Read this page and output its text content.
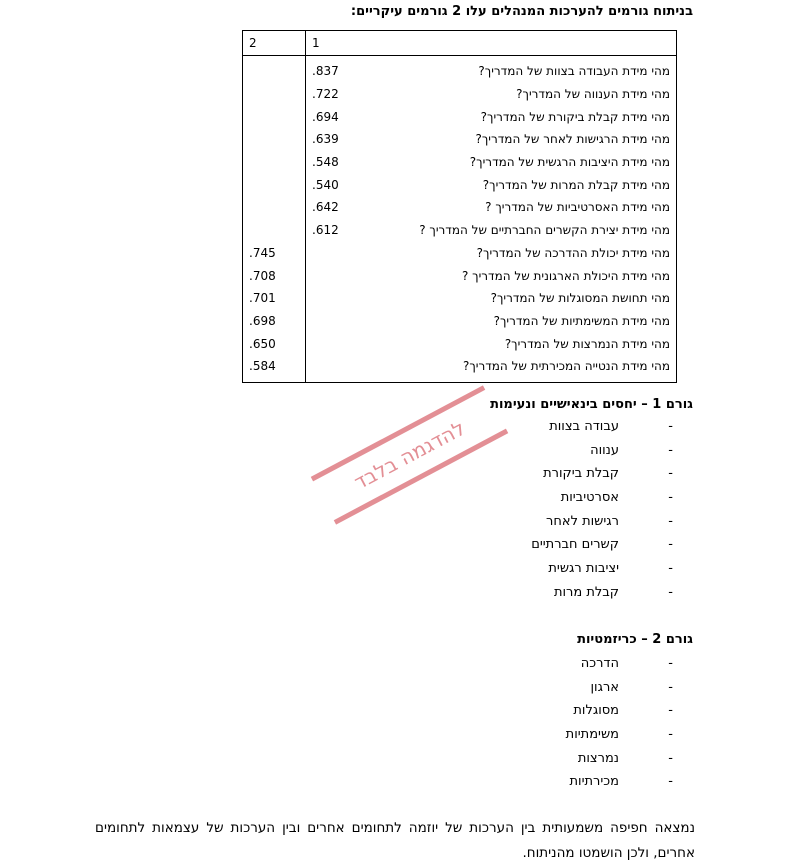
בניתוח גורמים להערכות המנהלים עלו 2 גורמים עיקריים:
2	1	
	.837	מהי מידת העבודה בצוות של המדריך?
	.722	מהי מידת הענווה של המדריך?
	.694	מהי מידת קבלת ביקורת של המדריך?
	.639	מהי מידת הרגישות לאחר של המדריך?
	.548	מהי מידת היציבות הרגשית של המדריך?
	.540	מהי מידת קבלת המרות של המדריך?
	.642	מהי מידת האסרטיביות של המדריך ?
	.612	מהי מידת יצירת הקשרים החברתיים של המדריך ?
.745		מהי מידת יכולת ההדרכה של המדריך?
.708		מהי מידת היכולת הארגונית של המדריך ?
.701		מהי תחושת המסוגלות של המדריך?
.698		מהי מידת המשימתיות של המדריך?
.650		מהי מידת הנמרצות של המדריך?
.584		מהי מידת הנטייה המכירתית של המדריך?
גורם 1 – יחסים בינאישיים ונעימות
-עבודה בצוות
-ענווה
-קבלת ביקורת
-אסרטיביות
-רגישות לאחר
-קשרים חברתיים
-יציבות רגשית
-קבלת מרות
גורם 2 – כריזמטיות
-הדרכה
-ארגון
-מסוגלות
-משימתיות
-נמרצות
-מכירתיות
נמצאה חפיפה משמעותית בין הערכות של יוזמה לתחומים אחרים ובין הערכות של עצמאות לתחומים אחרים, ולכן הושמטו מהניתוח.
להדגמה בלבד
